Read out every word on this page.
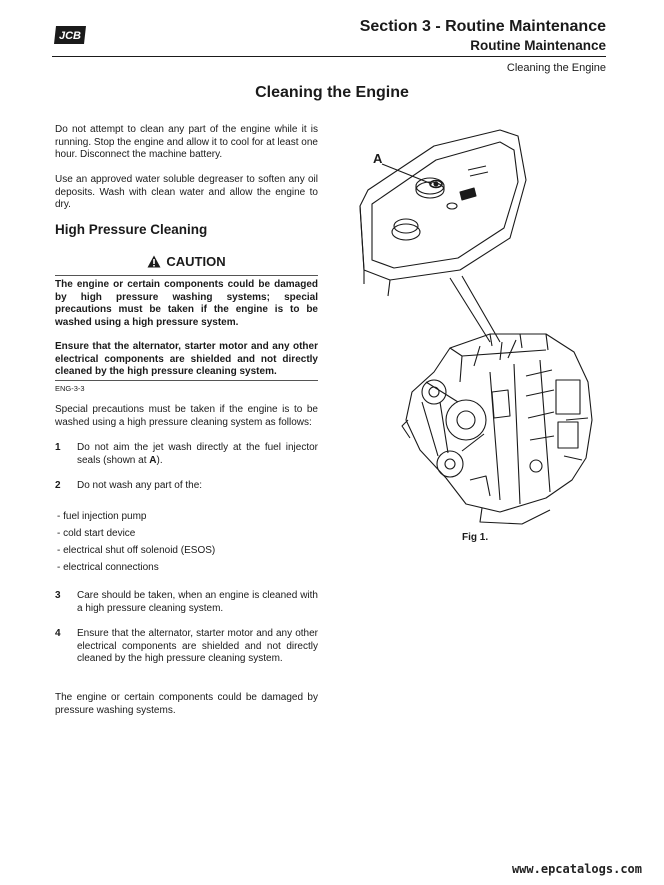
JCB
Section 3 - Routine Maintenance
Routine Maintenance
Cleaning the Engine
Cleaning the Engine
Do not attempt to clean any part of the engine while it is running. Stop the engine and allow it to cool for at least one hour. Disconnect the machine battery.
Use an approved water soluble degreaser to soften any oil deposits. Wash with clean water and allow the engine to dry.
High Pressure Cleaning
CAUTION
The engine or certain components could be damaged by high pressure washing systems; special precautions must be taken if the engine is to be washed using a high pressure system.
Ensure that the alternator, starter motor and any other electrical components are shielded and not directly cleaned by the high pressure cleaning system.
ENG-3-3
Special precautions must be taken if the engine is to be washed using a high pressure cleaning system as follows:
1	Do not aim the jet wash directly at the fuel injector seals (shown at A).
2	Do not wash any part of the:
- fuel injection pump
- cold start device
- electrical shut off solenoid (ESOS)
- electrical connections
3	Care should be taken, when an engine is cleaned with a high pressure cleaning system.
4	Ensure that the alternator, starter motor and any other electrical components are shielded and not directly cleaned by the high pressure cleaning system.
The engine or certain components could be damaged by pressure washing systems.
A
Fig 1.
www.epcatalogs.com
